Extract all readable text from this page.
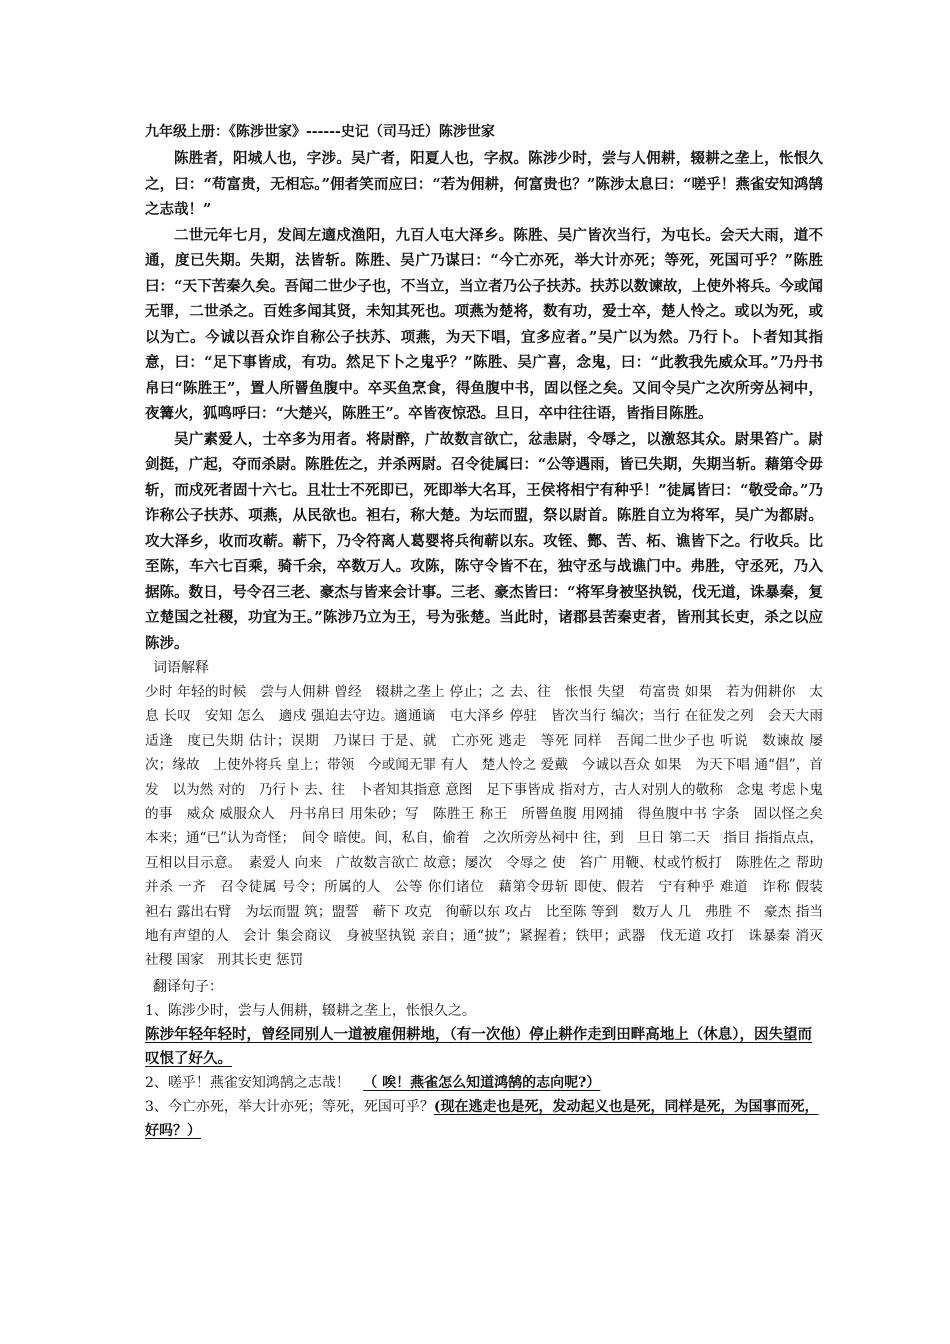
九年级上册：《陈涉世家》------史记（司马迁）陈涉世家

陈胜者，阳城人也，字涉。吴广者，阳夏人也，字叔。陈涉少时，尝与人佣耕，辍耕之垄上，怅恨久之，曰：“苟富贵，无相忘。”佣者笑而应曰：“若为佣耕，何富贵也？”陈涉太息曰：“嗟乎！燕雀安知鸿鹄之志哉！”

二世元年七月，发闾左適戍渔阳，九百人屯大泽乡。陈胜、吴广皆次当行，为屯长。会天大雨，道不通，度已失期。失期，法皆斩。陈胜、吴广乃谋曰：“今亡亦死，举大计亦死；等死，死国可乎？”陈胜曰：“天下苦秦久矣。吾闻二世少子也，不当立，当立者乃公子扶苏。扶苏以数谏故，上使外将兵。今或闻无罪，二世杀之。百姓多闻其贤，未知其死也。项燕为楚将，数有功，爱士卒，楚人怜之。或以为死，或以为亡。今诚以吾众诈自称公子扶苏、项燕，为天下唱，宜多应者。”吴广以为然。乃行卜。卜者知其指意，曰：“足下事皆成，有功。然足下卜之鬼乎？”陈胜、吴广喜，念鬼，曰：“此教我先威众耳。”乃丹书帛曰“陈胜王”，置人所罾鱼腹中。卒买鱼烹食，得鱼腹中书，固以怪之矣。又间令吴广之次所旁丛祠中，夜篝火，狐鸣呼曰：“大楚兴，陈胜王”。卒皆夜惊恐。旦日，卒中往往语，皆指目陈胜。

吴广素爱人，士卒多为用者。将尉醉，广故数言欲亡，忿恚尉，令辱之，以激怒其众。尉果笞广。尉剑挺，广起，夺而杀尉。陈胜佐之，并杀两尉。召令徒属曰：“公等遇雨，皆已失期，失期当斩。藉第令毋斩，而戍死者固十六七。且壮士不死即已，死即举大名耳，王侯将相宁有种乎！”徒属皆曰：“敬受命。”乃诈称公子扶苏、项燕，从民欲也。袒右，称大楚。为坛而盟，祭以尉首。陈胜自立为将军，吴广为都尉。攻大泽乡，收而攻蕲。蕲下，乃令符离人葛婴将兵徇蕲以东。攻铚、酂、苦、柘、谯皆下之。行收兵。比至陈，车六七百乘，骑千余，卒数万人。攻陈，陈守令皆不在，独守丞与战谯门中。弗胜，守丞死，乃入据陈。数日，号令召三老、豪杰与皆来会计事。三老、豪杰皆曰：“将军身被坚执锐，伐无道，诛暴秦，复立楚国之社稷，功宜为王。”陈涉乃立为王，号为张楚。当此时，诸郡县苦秦吏者，皆刑其长吏，杀之以应陈涉。

词语解释

少时 年轻的时候　尝与人佣耕 曾经　辍耕之垄上 停止；之 去、往　怅恨 失望　苟富贵 如果　若为佣耕你　太息 长叹　安知 怎么　適戍 强迫去守边。適通谪　屯大泽乡 停驻　皆次当行 编次；当行 在征发之列　会天大雨 适逢　度已失期 估计；误期　乃谋曰 于是、就　亡亦死 逃走　等死 同样　吾闻二世少子也 听说　数谏故 屡次；缘故　上使外将兵 皇上；带领　今或闻无罪 有人　楚人怜之 爱戴　今诚以吾众 如果　为天下唱 通“倡”，首发　以为然 对的　乃行卜 去、往　卜者知其指意 意图　足下事皆成 指对方，古人对别人的敬称　念鬼 考虑卜鬼的事　威众 威服众人　丹书帛曰 用朱砂；写　陈胜王 称王　所罾鱼腹 用网捕　得鱼腹中书 字条　固以怪之矣 本来；通“已”认为奇怪；　间令 暗使。间，私自，偷着　之次所旁丛祠中 往，到　旦日 第二天　指目 指指点点，互相以目示意。　素爱人 向来　广故数言欲亡 故意；屡次　令辱之 使　笞广 用鞭、杖或竹板打　陈胜佐之 帮助　并杀 一齐　召令徒属 号令；所属的人　公等 你们诸位　藉第令毋斩 即使、假若　宁有种乎 难道　诈称 假装　袒右 露出右臂　为坛而盟 筑；盟誓　蕲下 攻克　徇蕲以东 攻占　比至陈 等到　数万人 几　弗胜 不　豪杰 指当地有声望的人　会计 集会商议　身被坚执锐 亲自；通“披”；紧握着；铁甲；武器　伐无道 攻打　诛暴秦 消灭　社稷 国家　刑其长吏 惩罚

翻译句子：

1、陈涉少时，尝与人佣耕，辍耕之垄上，怅恨久之。

陈涉年轻年轻时，曾经同别人一道被雇佣耕地，（有一次他）停止耕作走到田畔高地上（休息），因失望而叹恨了好久。

2、嗟乎！燕雀安知鸿鹄之志哉！ （ 唉！燕雀怎么知道鸿鹄的志向呢?）

3、今亡亦死，举大计亦死；等死，死国可乎？(现在逃走也是死，发动起义也是死，同样是死，为国事而死，好吗？）
